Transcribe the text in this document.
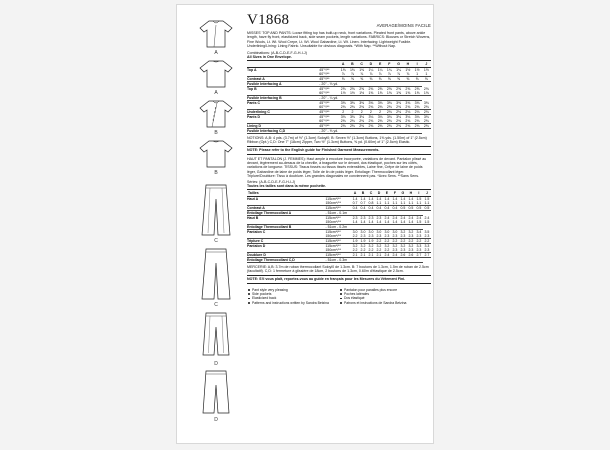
A
A
B
B
C
C
D
D
V1868	AVERAGE/MOINS FACILE
MISSES' TOP AND PANTS: Loose fitting top has built-up neck, front variations. Pleated front pants, above ankle length, have fly front, elasticized back, side seam pockets, length variations. FABRICS: Blouses or Stretch Wovens, Fine Wools, Lt. Wt. Wool Crepe, Lt. Wt. Wool Gabardine, Lt. Wt. Linen. Interfacing: Lightweight Fusible. Underlining/Lining: Lining Fabric. Unsuitable for obvious diagonals. *With Nap. **Without Nap.
Combinations: (A-B-C-D-E-F-G-H-I-J)
All Sizes in One Envelope.
		A	B	C	D	E	F	G	H	I	J
Top A	45"*/**	1⅜	1⅜	1⅜	1¼	1¼	1¼	1¼	1½	1½	1½
	60"*/**	⅞	⅞	⅞	⅞	⅞	⅞	⅞	⅞	1	1
Contrast A	45"*/**	⅝	⅝	⅝	⅝	⅝	⅝	⅝	⅝	⅝	⅝
Fusible Interfacing A	- 20" - ⅛ yd.										
Top B	45"*/**	2⅝	2⅝	2⅝	2⅝	2⅝	2⅝	2⅝	2⅝	2⅝	2⅝
	60"*/**	1½	1½	1½	1⅝	1⅝	1⅝	1⅝	1⅝	1⅝	1⅝
Fusible Interfacing B	- 20" - ¼ yd.										
Pants C	45"*/**	3⅜	3⅜	3⅜	3⅜	3⅜	3⅜	3⅜	3⅜	3⅜	3⅜
	60"*/**	2⅜	2⅜	2⅜	2⅜	2⅜	2⅜	2⅜	2⅜	2⅜	2⅜
Underlining C	45"*/**	2	2	2	2	2	2⅛	2⅛	2⅛	2⅛	2⅛
Pants D	45"*/**	3⅛	3⅛	3⅛	3⅛	3⅛	3⅛	3⅛	3⅛	3⅛	3⅛
	60"*/**	2⅜	2⅜	2⅜	2⅜	2⅜	2⅜	2⅜	2⅜	2⅜	2⅜
Lining D	45"*/**	2⅜	2⅜	2⅜	2⅜	2⅜	2⅜	2⅜	2⅜	2⅜	2⅜
Fusible Interfacing C,D	- 20" - ⅜ yd.										
NOTIONS: A,B: 4 yds. (3.7m) of ½" (1.3cm) Soloyl0; B: Seven ½" (1.3cm) Buttons, 1⅝ yds. (1.50m) of 1" (2.5cm) Ribbon (Opt.) C,D: One 7" (18cm) Zipper, Two ½" (1.3cm) Buttons, ⅝ yd. (0.60m) of 1" (2.5cm) Elastic.
NOTE: Please refer to the English guide for Finished Garment Measurements.
HAUT ET PANTALON (J. FEMMES): Haut ample à encolure incorporée, variations de devant. Pantalon plissé au devant, légèrement au-dessus de la cheville, à braguette sur le devant, dos élastiqué, poches sur les côtés, variations de longueur. TISSUS: Tissus fossés ou tissus tissés extensibles, Laine fine, Crêpe de laine de poids léger, Gabardine de laine de poids léger, Toile de lin de poids léger. Entoilage: Thermocollant léger. Triplure/Doublure: Tissu à doublure. Les grandes diagonales ne conviennent pas. *Avec Sens. **Sans Sens.
Séries: (A-B-C-D-E-F-G-H-I-J)
Toutes les tailles sont dans la même pochette.
Tailles		A	B	C	D	E	F	G	H	I	J
Haut A	115cm*/**	1.4	1.4	1.4	1.4	1.4	1.4	1.4	1.4	1.5	1.5
	150cm*/**	0.7	0.7	0.8	1.1	1.1	1.1	1.1	1.1	1.1	1.1
Contrast A	115cm*/**	0.4	0.4	0.4	0.4	0.4	0.4	0.5	0.5	0.5	0.5
Entoilage Thermocollant A	- 51cm - 0.1m										
Haut B	115cm*/**	2.3	2.3	2.3	2.3	2.4	2.4	2.4	2.4	2.4	2.4
	150cm*/**	1.4	1.4	1.4	1.4	1.4	1.4	1.4	1.4	1.5	1.5
Entoilage Thermocollant B	- 51cm - 0.2m										
Pantalon C	115cm*/**	3.0	3.0	3.0	3.0	3.0	3.0	3.2	3.2	3.4	3.5
	150cm*/**	2.2	2.3	2.3	2.3	2.3	2.3	2.3	2.3	2.3	2.3
Triplure C	115cm*/**	1.9	1.9	1.9	2.2	2.2	2.2	2.2	2.2	2.2	2.2
Pantalon D	115cm*/**	3.2	3.2	3.2	3.2	3.2	3.2	3.2	3.2	3.3	3.3
	150cm*/**	2.2	2.2	2.2	2.2	2.2	2.3	2.3	2.3	2.3	2.3
Doublure D	115cm*/**	2.1	2.1	2.1	2.1	2.4	2.4	2.6	2.6	2.7	2.7
Entoilage Thermocollant C,D	- 51cm - 0.3m										
MERCERIE: A,B: 3.7m de ruban thermocollant Soloyl0 de 1.3cm. B: 7 boutons de 1.3cm, 1.5m de ruban de 2.5cm (facultatif). C,D: 1 fermeture à glissière de 18cm, 2 boutons de 1.3cm, 0.60m d'élastique de 2.5cm.
NOTE: S'il vous plaît, reportez-vous au guide en français pour les Mesures du Vêtement Fini.
Pant style very pleasing
Side pockets
Elasticized back
Patterns and instructions written by Sandra Betzina
Pantalon pour panalles plus encore
Poches latérales
Dos élastiqué
Patrons et instructions de Sandra Betzina
